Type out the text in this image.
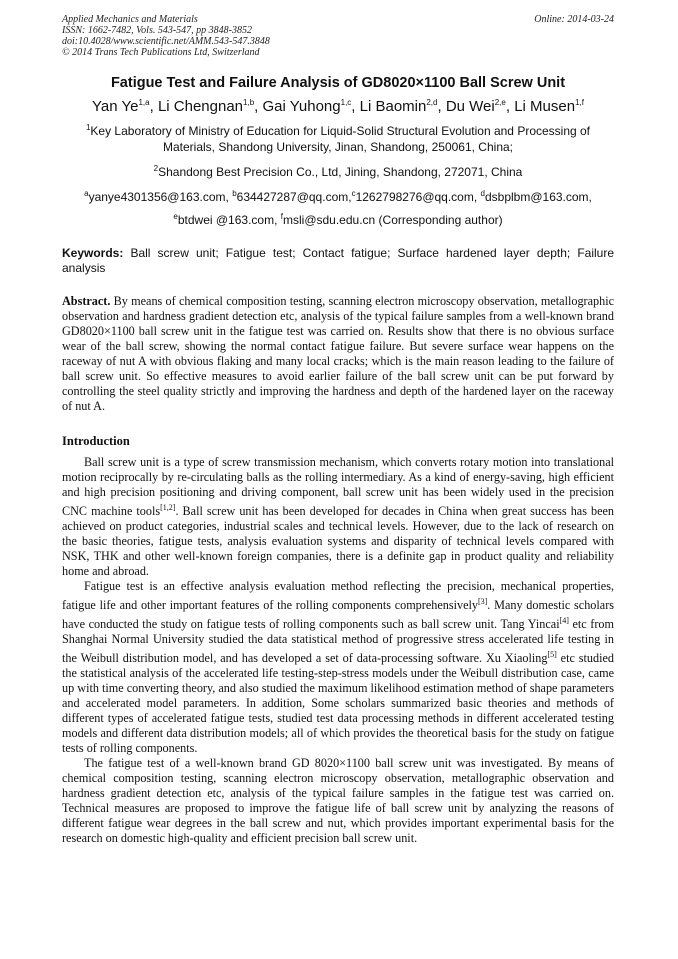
Applied Mechanics and Materials
ISSN: 1662-7482, Vols. 543-547, pp 3848-3852
doi:10.4028/www.scientific.net/AMM.543-547.3848
© 2014 Trans Tech Publications Ltd, Switzerland
Online: 2014-03-24
Fatigue Test and Failure Analysis of GD8020×1100 Ball Screw Unit
Yan Ye$^{1,a}$, Li Chengnan$^{1,b}$, Gai Yuhong$^{1,c}$, Li Baomin$^{2,d}$, Du Wei$^{2,e}$, Li Musen$^{1,f}$
$^1$Key Laboratory of Ministry of Education for Liquid-Solid Structural Evolution and Processing of
Materials, Shandong University, Jinan, Shandong, 250061, China;
$^2$Shandong Best Precision Co., Ltd, Jining, Shandong, 272071, China
$^a$yanye4301356@163.com, $^b$634427287@qq.com,$^c$1262798276@qq.com, $^d$dsbplbm@163.com,
$^e$btdwei @163.com, $^f$msli@sdu.edu.cn (Corresponding author)
Keywords: Ball screw unit; Fatigue test; Contact fatigue; Surface hardened layer depth; Failure analysis
Abstract. By means of chemical composition testing, scanning electron microscopy observation, metallographic observation and hardness gradient detection etc, analysis of the typical failure samples from a well-known brand GD8020×1100 ball screw unit in the fatigue test was carried on. Results show that there is no obvious surface wear of the ball screw, showing the normal contact fatigue failure. But severe surface wear happens on the raceway of nut A with obvious flaking and many local cracks; which is the main reason leading to the failure of ball screw unit. So effective measures to avoid earlier failure of the ball screw unit can be put forward by controlling the steel quality strictly and improving the hardness and depth of the hardened layer on the raceway of nut A.
Introduction

Ball screw unit is a type of screw transmission mechanism, which converts rotary motion into translational motion reciprocally by re-circulating balls as the rolling intermediary. As a kind of energy-saving, high efficient and high precision positioning and driving component, ball screw unit has been widely used in the precision CNC machine tools[1,2]. Ball screw unit has been developed for decades in China when great success has been achieved on product categories, industrial scales and technical levels. However, due to the lack of research on the basic theories, fatigue tests, analysis evaluation systems and disparity of technical levels compared with NSK, THK and other well-known foreign companies, there is a definite gap in product quality and reliability home and abroad.

Fatigue test is an effective analysis evaluation method reflecting the precision, mechanical properties, fatigue life and other important features of the rolling components comprehensively[3]. Many domestic scholars have conducted the study on fatigue tests of rolling components such as ball screw unit. Tang Yincai[4] etc from Shanghai Normal University studied the data statistical method of progressive stress accelerated life testing in the Weibull distribution model, and has developed a set of data-processing software. Xu Xiaoling[5] etc studied the statistical analysis of the accelerated life testing-step-stress models under the Weibull distribution case, came up with time converting theory, and also studied the maximum likelihood estimation method of shape parameters and accelerated model parameters. In addition, Some scholars summarized basic theories and methods of different types of accelerated fatigue tests, studied test data processing methods in different accelerated testing models and different data distribution models; all of which provides the theoretical basis for the study on fatigue tests of rolling components.

The fatigue test of a well-known brand GD 8020×1100 ball screw unit was investigated. By means of chemical composition testing, scanning electron microscopy observation, metallographic observation and hardness gradient detection etc, analysis of the typical failure samples in the fatigue test was carried on. Technical measures are proposed to improve the fatigue life of ball screw unit by analyzing the reasons of different fatigue wear degrees in the ball screw and nut, which provides important experimental basis for the research on domestic high-quality and efficient precision ball screw unit.
